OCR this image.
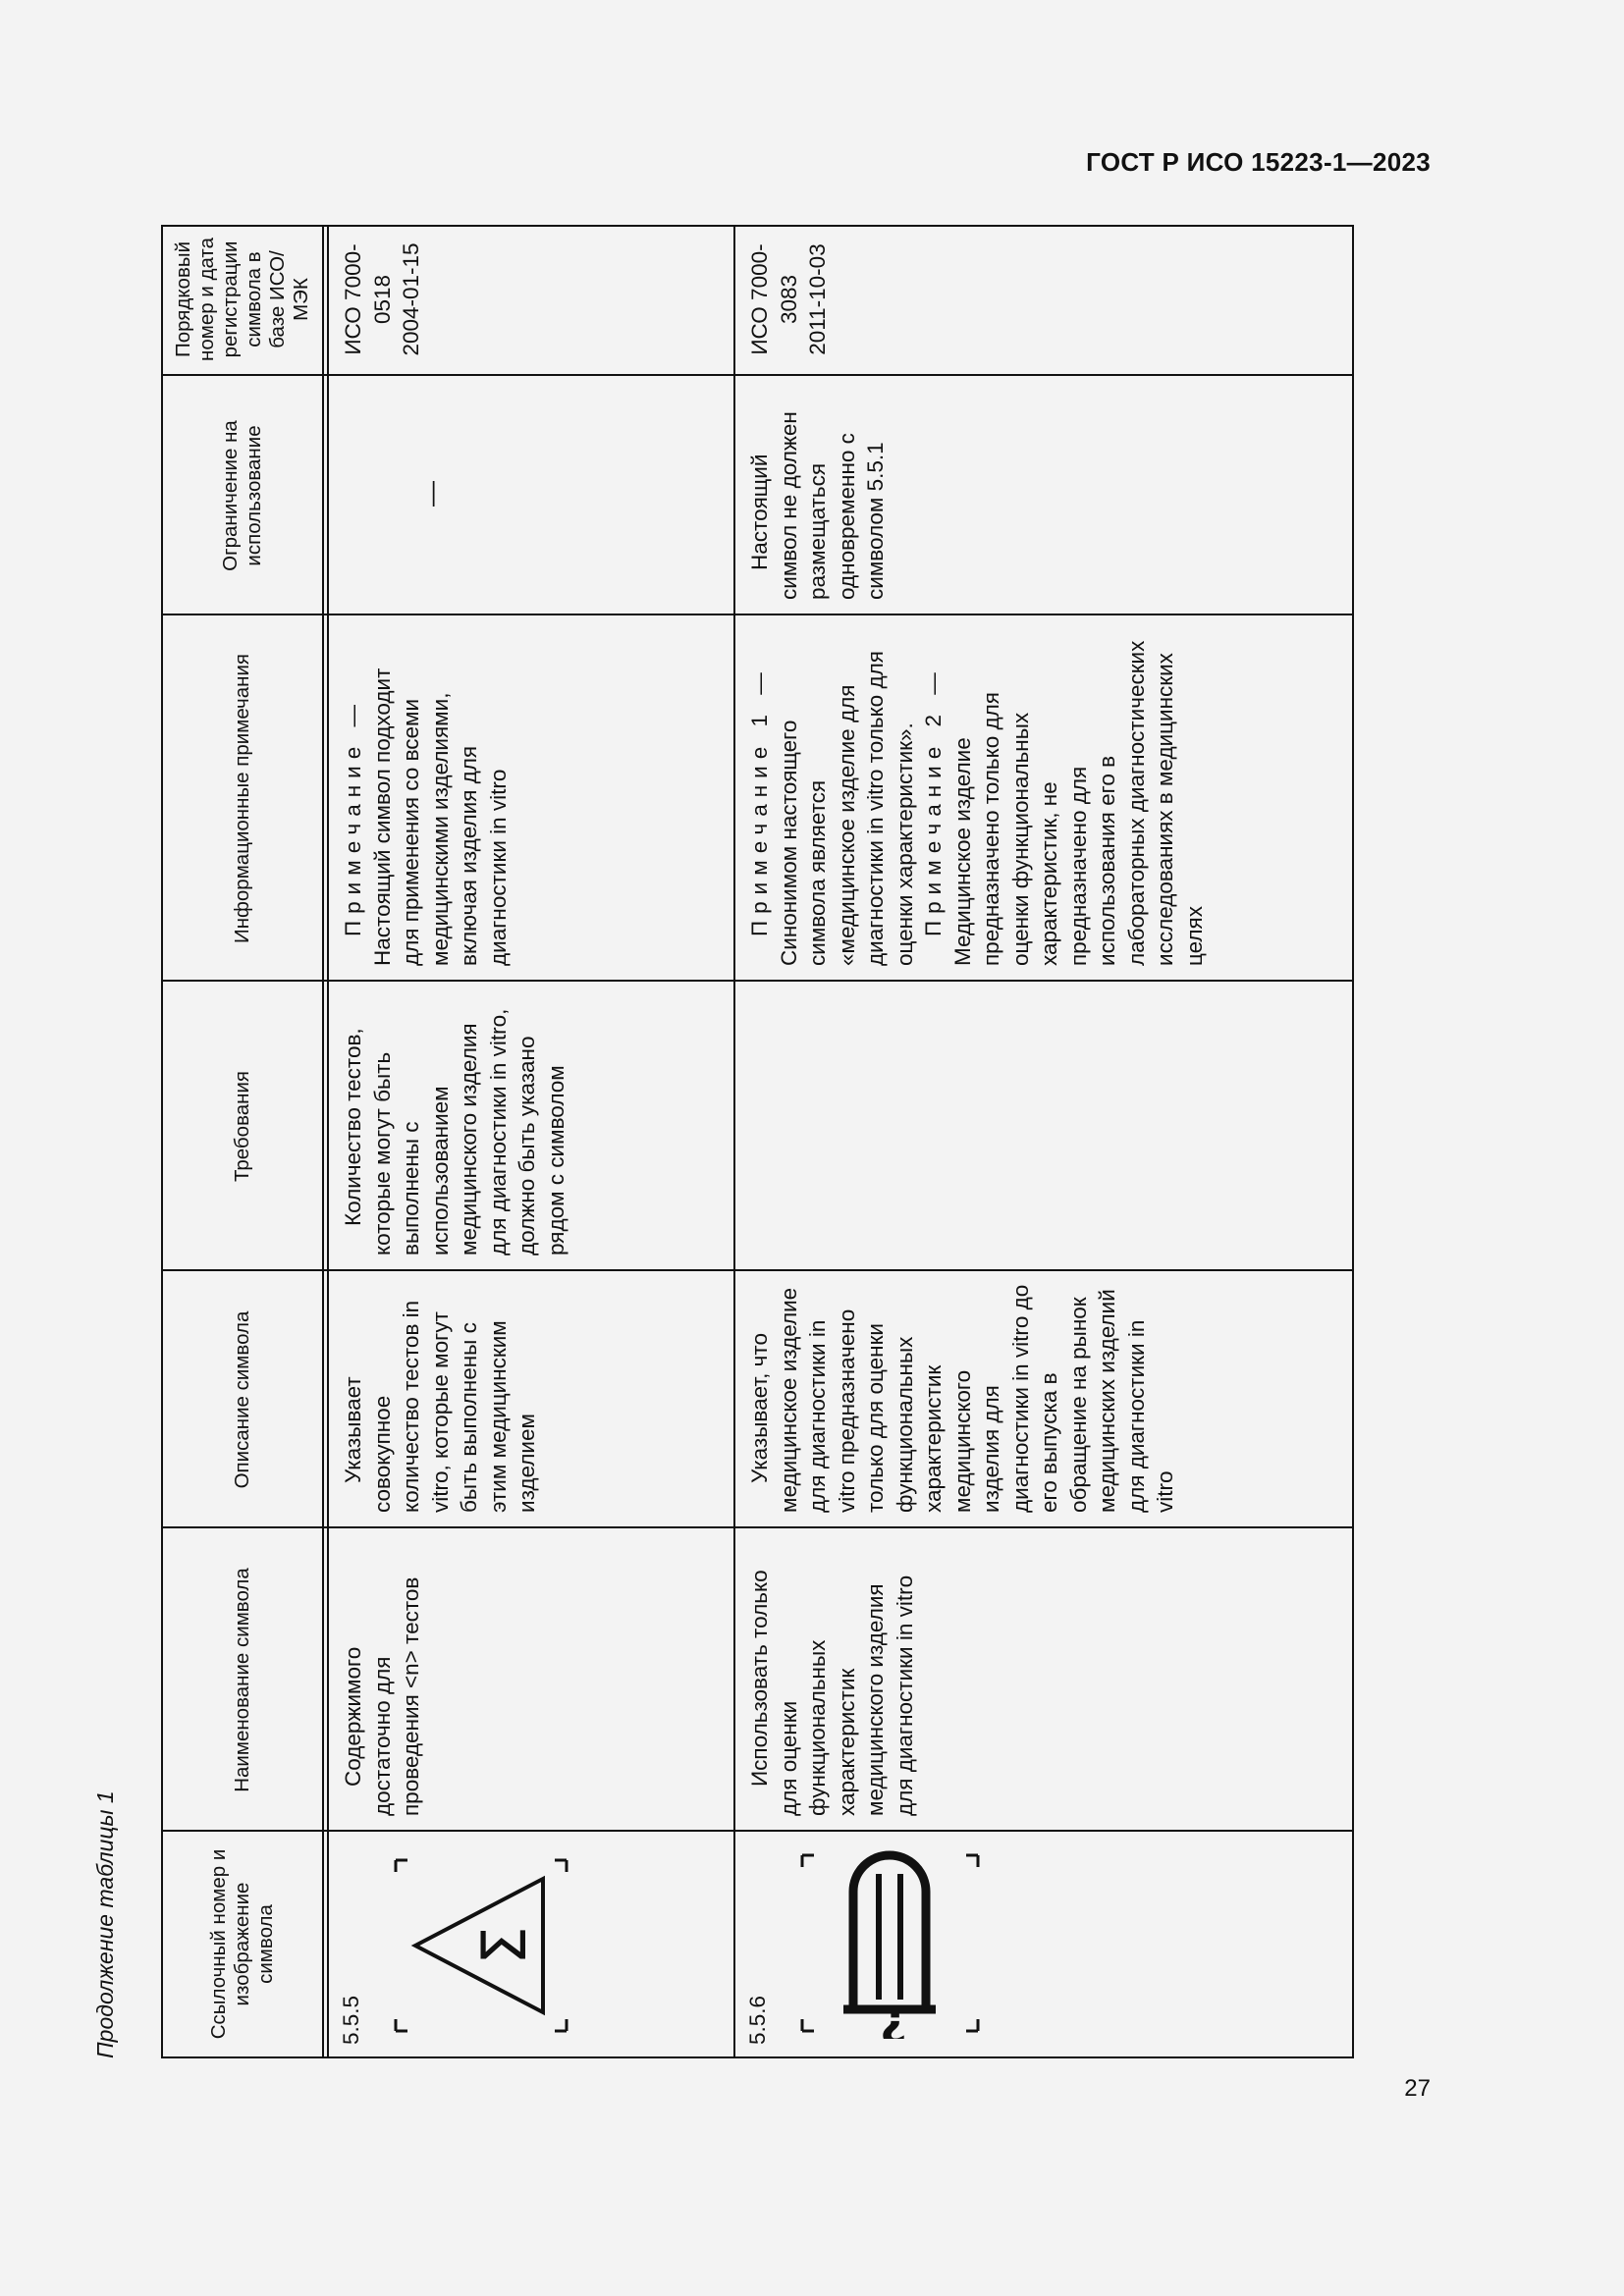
ГОСТ Р ИСО 15223-1—2023
Продолжение таблицы 1	Ссылочный номер и изображение символа
Наименование символа
Описание символа
Требования
Информационные примечания
Ограничение на использование
Порядковый номер и дата регистрации символа в базе ИСО/МЭК
5.5.5
Σ

Содержимого достаточно для проведения <n> тестов

Указывает совокупное количество тестов in vitro, которые могут быть выполнены с этим медицинским изделием

Количество тестов, которые могут быть выполнены с использованием медицинского изделия для диагностики in vitro, должно быть указано рядом с символом

Примечание — Настоящий символ подходит для применения со всеми медицинскими изделиями, включая изделия для диагностики in vitro

—

ИСО 7000-0518 2004-01-15

5.5.6 ?

Использовать только для оценки функциональных характеристик медицинского изделия для диагностики in vitro

Указывает, что медицинское изделие для диагностики in vitro предназначено только для оценки функциональных характеристик медицинского изделия для диагностики in vitro до его выпуска в обращение на рынок медицинских изделий для диагностики in vitro

Примечание 1 — Синонимом настоящего символа является «медицинское изделие для диагностики in vitro только для оценки характеристик». Примечание 2 — Медицинское изделие предназначено только для оценки функциональных характеристик, не предназначено для использования его в лабораторных диагностических исследованиях в медицинских целях

Настоящий символ не должен размещаться одновременно с символом 5.5.1

ИСО 7000-3083 2011-10-03

27
